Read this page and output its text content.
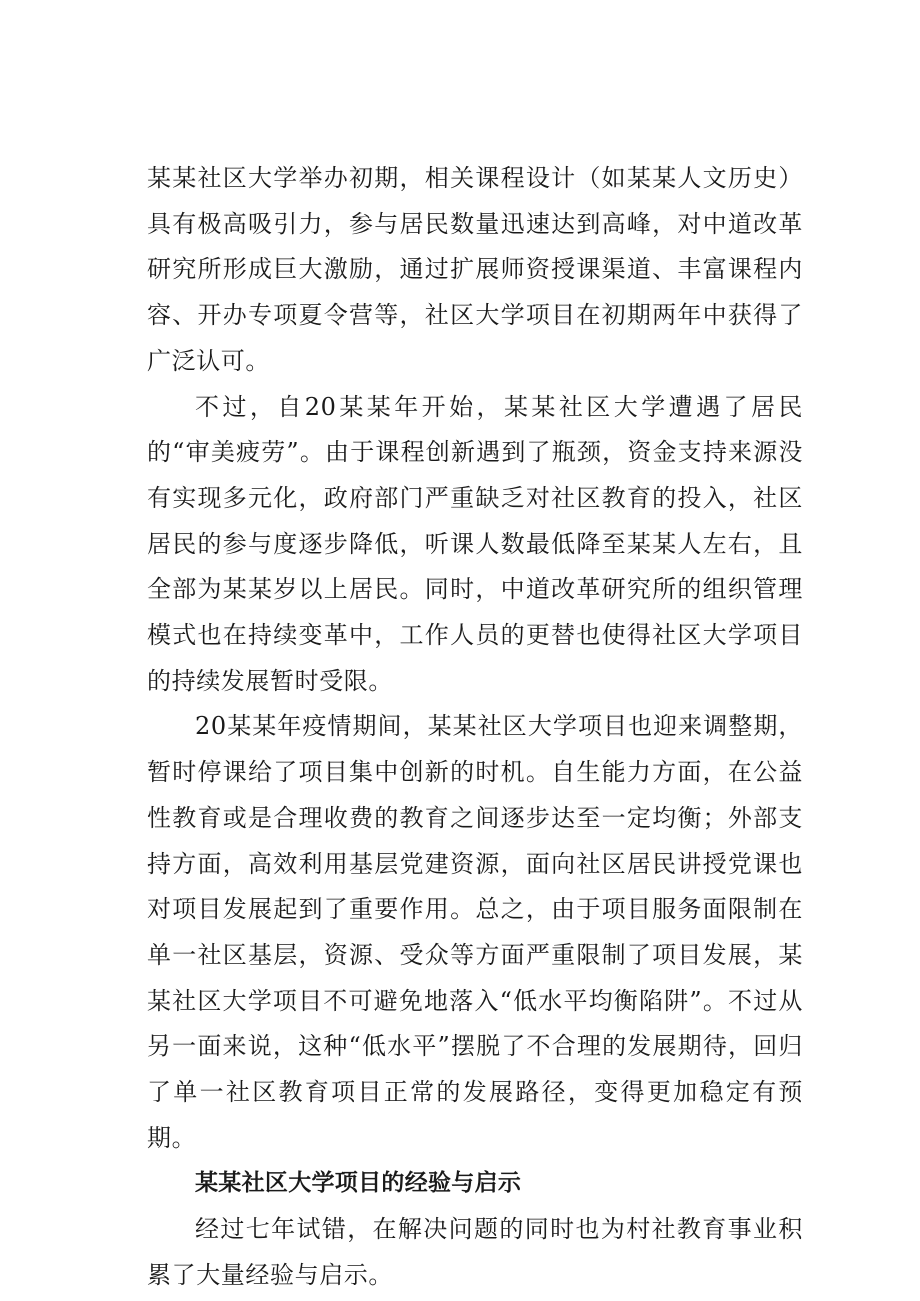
某某社区大学举办初期，相关课程设计（如某某人文历史）具有极高吸引力，参与居民数量迅速达到高峰，对中道改革研究所形成巨大激励，通过扩展师资授课渠道、丰富课程内容、开办专项夏令营等，社区大学项目在初期两年中获得了广泛认可。

不过，自20某某年开始，某某社区大学遭遇了居民的“审美疲劳”。由于课程创新遇到了瓶颈，资金支持来源没有实现多元化，政府部门严重缺乏对社区教育的投入，社区居民的参与度逐步降低，听课人数最低降至某某人左右，且全部为某某岁以上居民。同时，中道改革研究所的组织管理模式也在持续变革中，工作人员的更替也使得社区大学项目的持续发展暂时受限。

20某某年疫情期间，某某社区大学项目也迎来调整期，暂时停课给了项目集中创新的时机。自生能力方面，在公益性教育或是合理收费的教育之间逐步达至一定均衡；外部支持方面，高效利用基层党建资源，面向社区居民讲授党课也对项目发展起到了重要作用。总之，由于项目服务面限制在单一社区基层，资源、受众等方面严重限制了项目发展，某某社区大学项目不可避免地落入“低水平均衡陷阱”。不过从另一面来说，这种“低水平”摆脱了不合理的发展期待，回归了单一社区教育项目正常的发展路径，变得更加稳定有预期。

某某社区大学项目的经验与启示

经过七年试错，在解决问题的同时也为村社教育事业积累了大量经验与启示。
